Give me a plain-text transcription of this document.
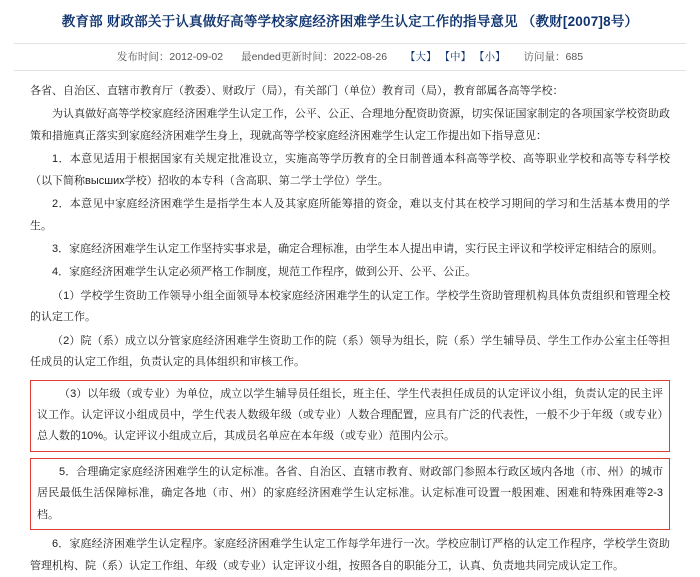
教育部 财政部关于认真做好高等学校家庭经济困难学生认定工作的指导意见 （教财[2007]8号）
发布时间：2012-09-02 最ended更新时间：2022-08-26 【大】 【中】 【小】 访问量：685
各省、自治区、直辖市教育厅（教委）、财政厅（局），有关部门（单位）教育司（局），教育部属各高等学校：
为认真做好高等学校家庭经济困难学生认定工作，公平、公正、合理地分配资助资源，切实保证国家制定的各项国家学校资助政策和措施真正落实到家庭经济困难学生身上，现就高等学校家庭经济困难学生认定工作提出如下指导意见：
1．本意见适用于根据国家有关规定批准设立，实施高等学历教育的全日制普通本科高等学校、高等职业学校和高等专科学校（以下简称высших学校）招收的本专科（含高职、第二学士学位）学生。
2．本意见中家庭经济困难学生是指学生本人及其家庭所能筹措的资金，难以支付其在校学习期间的学习和生活基本费用的学生。
3．家庭经济困难学生认定工作坚持实事求是，确定合理标准，由学生本人提出申请，实行民主评议和学校评定相结合的原则。
4．家庭经济困难学生认定必须严格工作制度，规范工作程序，做到公开、公平、公正。
（1）学校学生资助工作领导小组全面领导本校家庭经济困难学生的认定工作。学校学生资助管理机构具体负责组织和管理全校的认定工作。
（2）院（系）成立以分管家庭经济困难学生资助工作的院（系）领导为组长，院（系）学生辅导员、学生工作办公室主任等担任成员的认定工作组，负责认定的具体组织和审核工作。
（3）以年级（或专业）为单位，成立以学生辅导员任组长，班主任、学生代表担任成员的认定评议小组，负责认定的民主评议工作。认定评议小组成员中，学生代表人数级年级（或专业）人数合理配置，应具有广泛的代表性，一般不少于年级（或专业）总人数的10%。认定评议小组成立后，其成员名单应在本年级（或专业）范围内公示。
5．合理确定家庭经济困难学生的认定标准。各省、自治区、直辖市教育、财政部门参照本行政区域内各地（市、州）的城市居民最低生活保障标准，确定各地（市、州）的家庭经济困难学生认定标准。认定标准可设置一般困难、困难和特殊困难等2-3档。
6．家庭经济困难学生认定程序。家庭经济困难学生认定工作每学年进行一次。学校应制订严格的认定工作程序，学校学生资助管理机构、院（系）认定工作组、年级（或专业）认定评议小组，按照各自的职能分工，认真、负责地共同完成认定工作。
